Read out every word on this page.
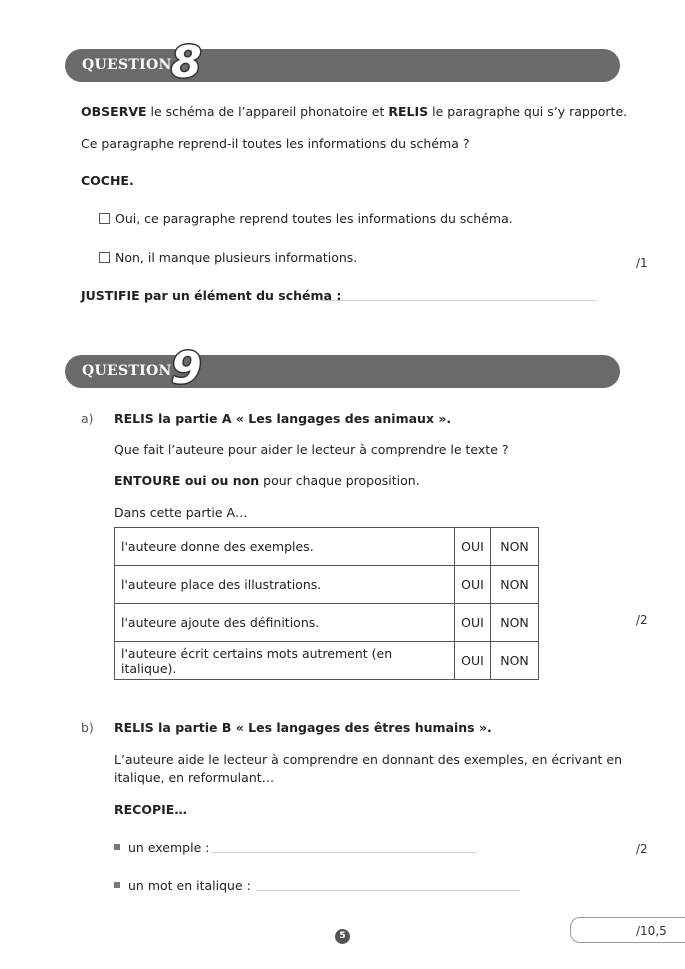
QUESTION 8
OBSERVE le schéma de l’appareil phonatoire et RELIS le paragraphe qui s’y rapporte.
Ce paragraphe reprend-il toutes les informations du schéma ?
COCHE.
Oui, ce paragraphe reprend toutes les informations du schéma.
Non, il manque plusieurs informations.	/1
JUSTIFIE par un élément du schéma :
QUESTION 9
a) RELIS la partie A « Les langages des animaux ».
Que fait l’auteure pour aider le lecteur à comprendre le texte ?
ENTOURE oui ou non pour chaque proposition.
Dans cette partie A…
l'auteure donne des exemples.	OUI	NON
l'auteure place des illustrations.	OUI	NON
l'auteure ajoute des définitions.	OUI	NON
l'auteure écrit certains mots autrement (en italique).	OUI	NON
/2
b) RELIS la partie B « Les langages des êtres humains ».
L’auteure aide le lecteur à comprendre en donnant des exemples, en écrivant en
italique, en reformulant…
RECOPIE…
un exemple :	/2
un mot en italique :
5	/10,5
